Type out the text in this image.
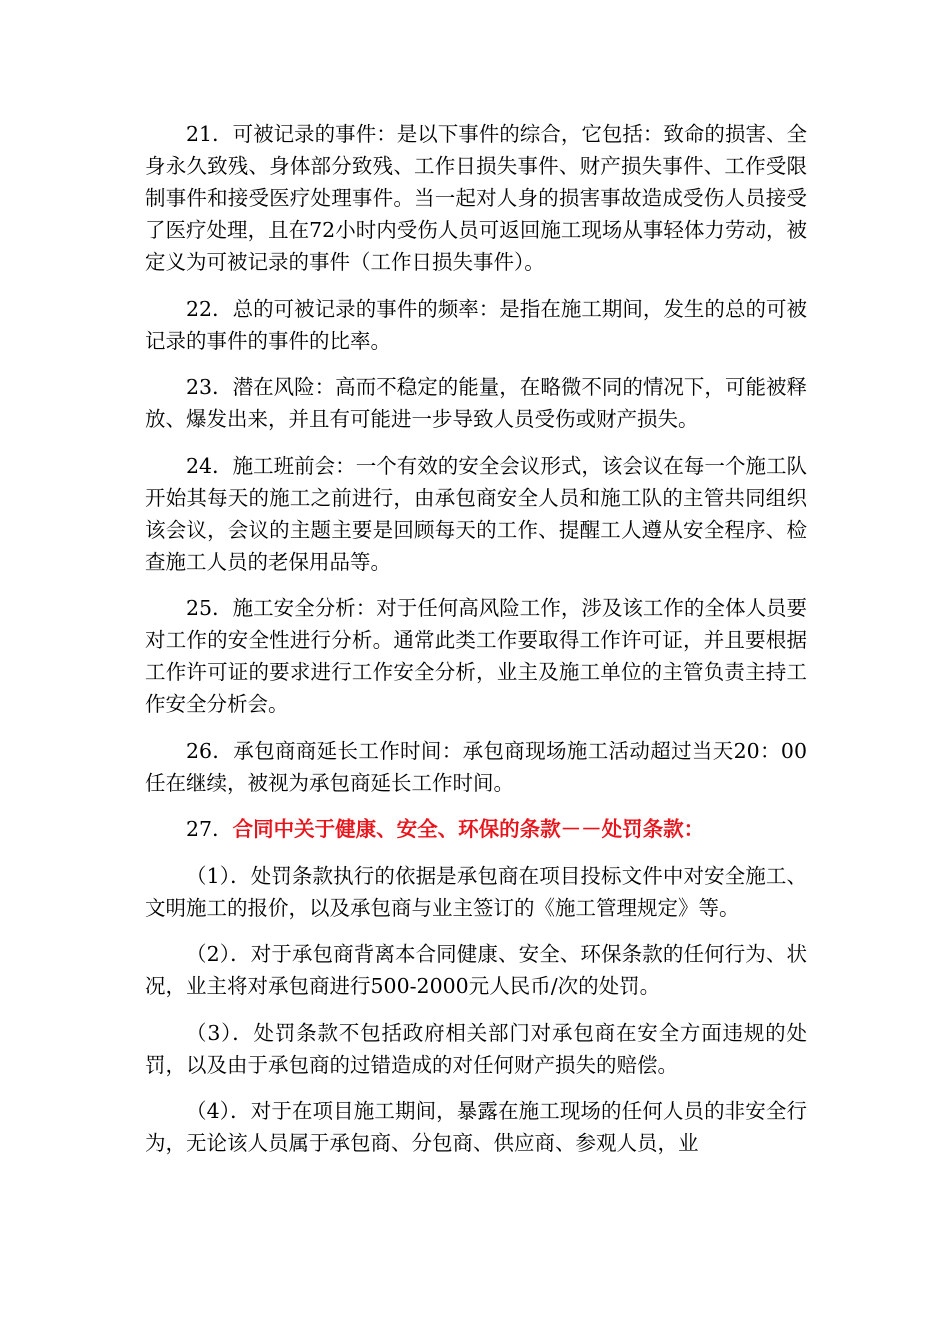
21．可被记录的事件：是以下事件的综合，它包括：致命的损害、全身永久致残、身体部分致残、工作日损失事件、财产损失事件、工作受限制事件和接受医疗处理事件。当一起对人身的损害事故造成受伤人员接受了医疗处理，且在72小时内受伤人员可返回施工现场从事轻体力劳动，被定义为可被记录的事件（工作日损失事件）。

22．总的可被记录的事件的频率：是指在施工期间，发生的总的可被记录的事件的事件的比率。

23．潜在风险：高而不稳定的能量，在略微不同的情况下，可能被释放、爆发出来，并且有可能进一步导致人员受伤或财产损失。

24．施工班前会：一个有效的安全会议形式，该会议在每一个施工队开始其每天的施工之前进行，由承包商安全人员和施工队的主管共同组织该会议，会议的主题主要是回顾每天的工作、提醒工人遵从安全程序、检查施工人员的老保用品等。

25．施工安全分析：对于任何高风险工作，涉及该工作的全体人员要对工作的安全性进行分析。通常此类工作要取得工作许可证，并且要根据工作许可证的要求进行工作安全分析，业主及施工单位的主管负责主持工作安全分析会。

26．承包商商延长工作时间：承包商现场施工活动超过当天20：00任在继续，被视为承包商延长工作时间。

27．合同中关于健康、安全、环保的条款－－处罚条款：

（1）．处罚条款执行的依据是承包商在项目投标文件中对安全施工、文明施工的报价，以及承包商与业主签订的《施工管理规定》等。

（2）．对于承包商背离本合同健康、安全、环保条款的任何行为、状况，业主将对承包商进行500-2000元人民币/次的处罚。

（3）．处罚条款不包括政府相关部门对承包商在安全方面违规的处罚，以及由于承包商的过错造成的对任何财产损失的赔偿。

（4）．对于在项目施工期间，暴露在施工现场的任何人员的非安全行为，无论该人员属于承包商、分包商、供应商、参观人员，业
